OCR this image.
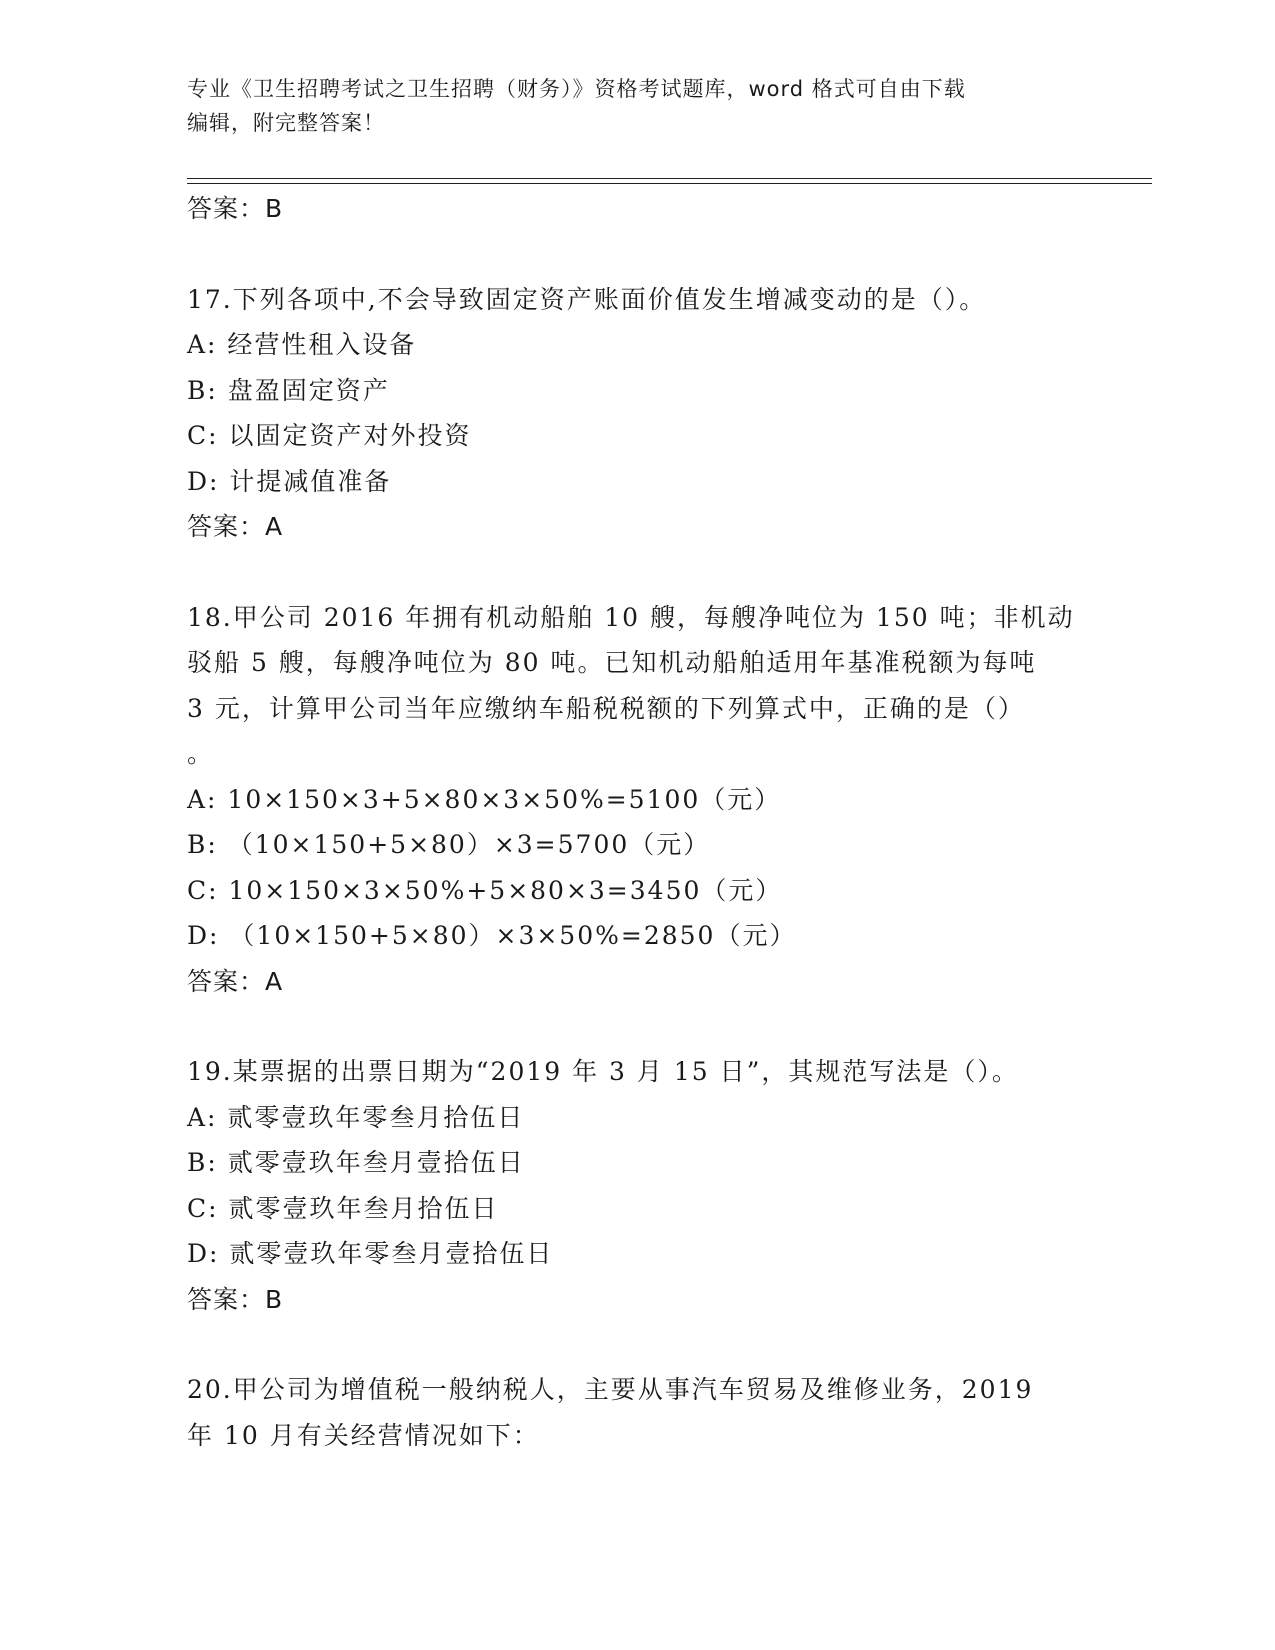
专业《卫生招聘考试之卫生招聘（财务）》资格考试题库，word 格式可自由下载
编辑，附完整答案！
答案：B
17.下列各项中,不会导致固定资产账面价值发生增减变动的是（）。
A: 经营性租入设备
B: 盘盈固定资产
C: 以固定资产对外投资
D: 计提减值准备
答案：A
18.甲公司 2016 年拥有机动船舶 10 艘，每艘净吨位为 150 吨；非机动
驳船 5 艘，每艘净吨位为 80 吨。已知机动船舶适用年基准税额为每吨
3 元，计算甲公司当年应缴纳车船税税额的下列算式中，正确的是（）
。
A: 10×150×3+5×80×3×50%=5100（元）
B: （10×150+5×80）×3=5700（元）
C: 10×150×3×50%+5×80×3=3450（元）
D: （10×150+5×80）×3×50%=2850（元）
答案：A
19.某票据的出票日期为“2019 年 3 月 15 日”，其规范写法是（）。
A: 贰零壹玖年零叁月拾伍日
B: 贰零壹玖年叁月壹拾伍日
C: 贰零壹玖年叁月拾伍日
D: 贰零壹玖年零叁月壹拾伍日
答案：B
20.甲公司为增值税一般纳税人，主要从事汽车贸易及维修业务，2019
年 10 月有关经营情况如下：
